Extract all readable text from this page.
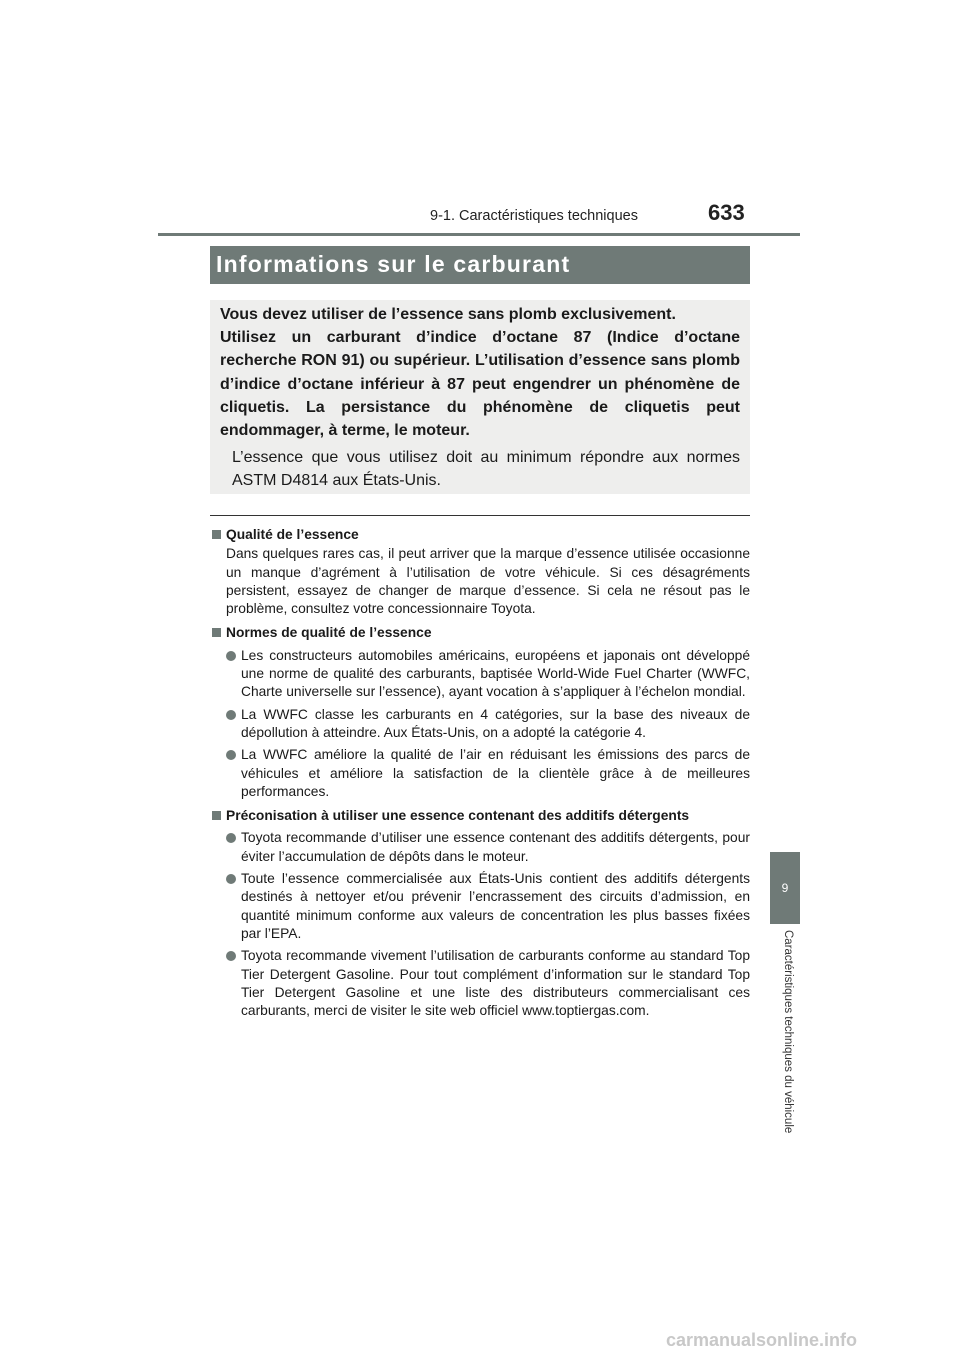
9-1. Caractéristiques techniques	633
Informations sur le carburant

Vous devez utiliser de l’essence sans plomb exclusivement.

Utilisez un carburant d’indice d’octane 87 (Indice d’octane recherche RON 91) ou supérieur. L’utilisation d’essence sans plomb d’indice d’octane inférieur à 87 peut engendrer un phénomène de cliquetis. La persistance du phénomène de cliquetis peut endommager, à terme, le moteur.

L’essence que vous utilisez doit au minimum répondre aux normes ASTM D4814 aux États-Unis.

Qualité de l’essence
Dans quelques rares cas, il peut arriver que la marque d’essence utilisée occasionne un manque d’agrément à l’utilisation de votre véhicule. Si ces désagréments persistent, essayez de changer de marque d’essence. Si cela ne résout pas le problème, consultez votre concessionnaire Toyota.
Normes de qualité de l’essence
Les constructeurs automobiles américains, européens et japonais ont développé une norme de qualité des carburants, baptisée World-Wide Fuel Charter (WWFC, Charte universelle sur l’essence), ayant vocation à s’appliquer à l’échelon mondial.
La WWFC classe les carburants en 4 catégories, sur la base des niveaux de dépollution à atteindre. Aux États-Unis, on a adopté la catégorie 4.
La WWFC améliore la qualité de l’air en réduisant les émissions des parcs de véhicules et améliore la satisfaction de la clientèle grâce à de meilleures performances.
Préconisation à utiliser une essence contenant des additifs détergents
Toyota recommande d’utiliser une essence contenant des additifs détergents, pour éviter l’accumulation de dépôts dans le moteur.
Toute l’essence commercialisée aux États-Unis contient des additifs détergents destinés à nettoyer et/ou prévenir l’encrassement des circuits d’admission, en quantité minimum conforme aux valeurs de concentration les plus basses fixées par l’EPA.
Toyota recommande vivement l’utilisation de carburants conforme au standard Top Tier Detergent Gasoline. Pour tout complément d’information sur le standard Top Tier Detergent Gasoline et une liste des distributeurs commercialisant ces carburants, merci de visiter le site web officiel www.toptiergas.com.
9
Caractéristiques techniques du véhicule
carmanualsonline.info
